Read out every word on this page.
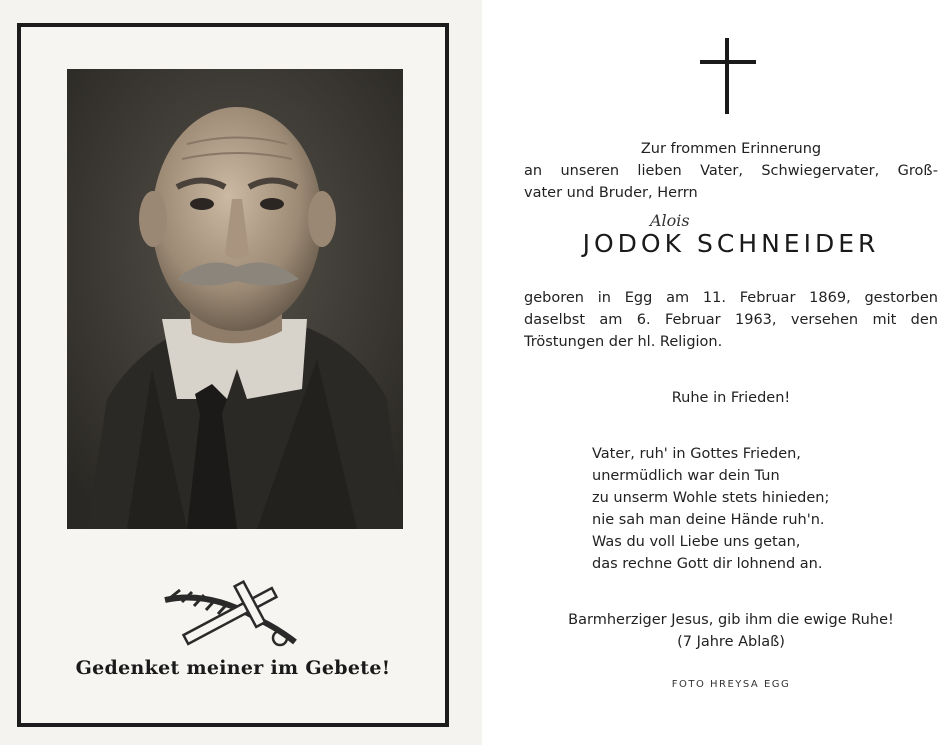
Gedenket meiner im Gebete!
Zur frommen Erinnerung
an unseren lieben Vater, Schwiegervater, Groß-
vater und Bruder, Herrn
Alois
JODOK SCHNEIDER
geboren in Egg am 11. Februar 1869, gestorben
daselbst am 6. Februar 1963, versehen mit den
Tröstungen der hl. Religion.
Ruhe in Frieden!
Vater, ruh' in Gottes Frieden,
unermüdlich war dein Tun
zu unserm Wohle stets hinieden;
nie sah man deine Hände ruh'n.
Was du voll Liebe uns getan,
das rechne Gott dir lohnend an.
Barmherziger Jesus, gib ihm die ewige Ruhe!
(7 Jahre Ablaß)
FOTO HREYSA EGG
